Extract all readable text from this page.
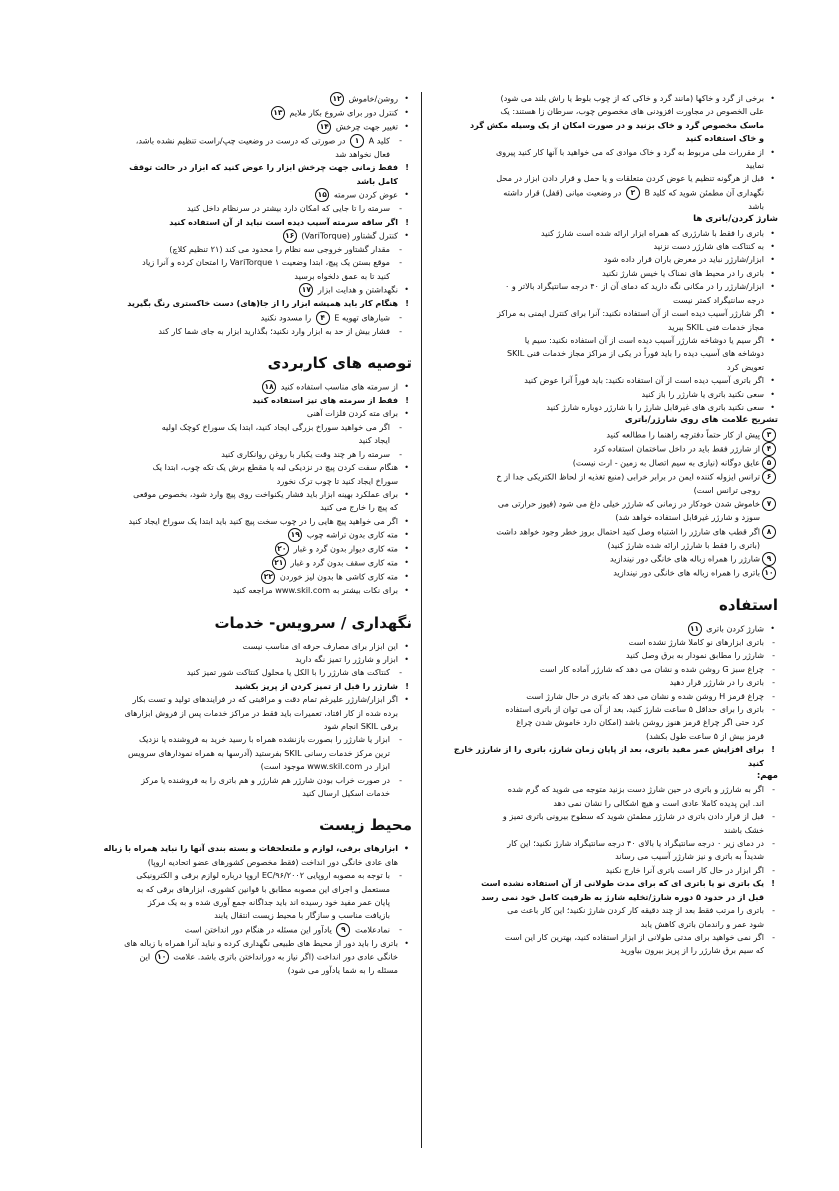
• برخی از گرد و خاکها (مانند گرد و خاکی که از چوب بلوط یا راش بلند می شود)
علی الخصوص در مجاورت افزودنی های مخصوص چوب، سرطان زا هستند: یک
ماسک مخصوص گرد و خاک بزنید و در صورت امکان از یک وسیله مکش گرد
و خاک استفاده کنید
• از مقررات ملی مربوط به گرد و خاک موادی که می خواهید با آنها کار کنید پیروی
نمایید
• قبل از هرگونه تنظیم یا عوض کردن متعلقات و یا حمل و قرار دادن ابزار در محل
نگهداری آن مطمئن شوید که کلید B ۲ در وضعیت میانی (قفل) قرار داشته
باشد
شارژ کردن/باتری ها
• باتری را فقط با شارژری که همراه ابزار ارائه شده است شارژ کنید
• به کنتاکت های شارژر دست نزنید
• ابزار/شارژر نباید در معرض باران قرار داده شود
• باتری را در محیط های نمناک یا خیس شارژ نکنید
• ابزار/شارژر را در مکانی نگه دارید که دمای آن از ۴۰ درجه سانتیگراد بالاتر و ۰
درجه سانتیگراد کمتر نیست
• اگر شارژر آسیب دیده است از آن استفاده نکنید: آنرا برای کنترل ایمنی به مراکز
مجاز خدمات فنی SKIL ببرید
• اگر سیم یا دوشاخه شارژر آسیب دیده است از آن استفاده نکنید: سیم یا
دوشاخه های آسیب دیده را باید فوراً در یکی از مراکز مجاز خدمات فنی SKIL
تعویض کرد
• اگر باتری آسیب دیده است از آن استفاده نکنید: باید فوراً آنرا عوض کنید
• سعی نکنید باتری یا شارژر را باز کنید
• سعی نکنید باتری های غیرقابل شارژ را با شارژر دوباره شارژ کنید
تشریح علامت های روی شارژر/باتری
۳پیش از کار حتماً دفترچه راهنما را مطالعه کنید
۴از شارژر فقط باید در داخل ساختمان استفاده کرد
۵عایق دوگانه (نیازی به سیم اتصال به زمین - ارت نیست)
۶ترانس ایزوله کننده ایمن در برابر خرابی (منبع تغذیه از لحاظ الکتریکی جدا از خ
روجی ترانس است)
۷خاموش شدن خودکار در زمانی که شارژر خیلی داغ می شود (فیوز حرارتی می
سوزد و شارژر غیرقابل استفاده خواهد شد)
۸اگر قطب های شارژر را اشتباه وصل کنید احتمال بروز خطر وجود خواهد داشت
(باتری را فقط با شارژر ارائه شده شارژ کنید)
۹شارژر را همراه زباله های خانگی دور نیندازید
۱۰باتری را همراه زباله های خانگی دور نیندازید
استفاده
• شارژ کردن باتری ۱۱
- باتری ابزارهای نو کاملا شارژ نشده است
- شارژر را مطابق نمودار به برق وصل کنید
- چراغ سبز G روشن شده و نشان می دهد که شارژر آماده کار است
- باتری را در شارژر قرار دهید
- چراغ قرمز H روشن شده و نشان می دهد که باتری در حال شارژ است
- باتری را برای حداقل ۵ ساعت شارژ کنید، بعد از آن می توان از باتری استفاده
کرد حتی اگر چراغ قرمز هنوز روشن باشد (امکان دارد خاموش شدن چراغ
قرمز بیش از ۵ ساعت طول بکشد)
! برای افزایش عمر مفید باتری، بعد از پایان زمان شارژ، باتری را از شارژر خارج
کنید
مهم:
- اگر به شارژر و باتری در حین شارژ دست بزنید متوجه می شوید که گرم شده
اند. این پدیده کاملا عادی است و هیچ اشکالی را نشان نمی دهد
- قبل از قرار دادن باتری در شارژر مطمئن شوید که سطوح بیرونی باتری تمیز و
خشک باشند
- در دمای زیر ۰ درجه سانتیگراد یا بالای ۴۰ درجه سانتیگراد شارژ نکنید؛ این کار
شدیداً به باتری و نیز شارژر آسیب می رساند
- اگر ابزار در حال کار است باتری آنرا خارج نکنید
! یک باتری نو یا باتری ای که برای مدت طولانی از آن استفاده نشده است
قبل از در حدود ۵ دوره شارژ/تخلیه شارژ به ظرفیت کامل خود نمی رسد
- باتری را مرتب فقط بعد از چند دقیقه کار کردن شارژ نکنید؛ این کار باعث می
شود عمر و راندمان باتری کاهش یابد
- اگر نمی خواهید برای مدتی طولانی از ابزار استفاده کنید، بهترین کار این است
که سیم برق شارژر را از پریز بیرون بیاورید
• روشن/خاموش ۱۲
• کنترل دور برای شروع بکار ملایم ۱۳
• تغییر جهت چرخش ۱۴
- کلید A ۱ در صورتی که درست در وضعیت چپ/راست تنظیم نشده باشد،
فعال نخواهد شد
! فقط زمانی جهت چرخش ابزار را عوض کنید که ابزار در حالت توقف
کامل باشد
• عوض کردن سرمته ۱۵
- سرمته را تا جایی که امکان دارد بیشتر در سرنظام داخل کنید
! اگر ساقه سرمته آسیب دیده است نباید از آن استفاده کنید
• کنترل گشتاور (VariTorque) ۱۶
- مقدار گشتاور خروجی سه نظام را محدود می کند (۲۱ تنظیم کلاچ)
- موقع بستن یک پیچ، ابتدا وضعیت ۱ VariTorque را امتحان کرده و آنرا زیاد
کنید تا به عمق دلخواه برسید
• نگهداشتن و هدایت ابزار ۱۷
! هنگام کار باید همیشه ابزار را از جا(های) دست خاکستری رنگ بگیرید
- شیارهای تهویه E ۴ را مسدود نکنید
- فشار بیش از حد به ابزار وارد نکنید؛ بگذارید ابزار به جای شما کار کند
توصیه های کاربردی
• از سرمته های مناسب استفاده کنید ۱۸
! فقط از سرمته های تیز استفاده کنید
• برای مته کردن فلزات آهنی
- اگر می خواهید سوراخ بزرگی ایجاد کنید، ابتدا یک سوراخ کوچک اولیه
ایجاد کنید
- سرمته را هر چند وقت یکبار با روغن روانکاری کنید
• هنگام سفت کردن پیچ در نزدیکی لبه یا مقطع برش یک تکه چوب، ابتدا یک
سوراخ ایجاد کنید تا چوب ترک نخورد
• برای عملکرد بهینه ابزار باید فشار یکنواخت روی پیچ وارد شود، بخصوص موقعی
که پیچ را خارج می کنید
• اگر می خواهید پیچ هایی را در چوب سخت پیچ کنید باید ابتدا یک سوراخ ایجاد کنید
• مته کاری بدون تراشه چوب ۱۹
• مته کاری دیوار بدون گرد و غبار ۲۰
• مته کاری سقف بدون گرد و غبار ۲۱
• مته کاری کاشی ها بدون لیز خوردن ۲۲
• برای نکات بیشتر به www.skil.com مراجعه کنید
نگهداری / سرویس- خدمات
• این ابزار برای مصارف حرفه ای مناسب نیست
• ابزار و شارژر را تمیز نگه دارید
- کنتاکت های شارژر را با الکل یا محلول کنتاکت شور تمیز کنید
! شارژر را قبل از تمیز کردن از پریز بکشید
• اگر ابزار/شارژر علیرغم تمام دقت و مراقبتی که در فرایندهای تولید و تست بکار
برده شده از کار افتاد، تعمیرات باید فقط در مراکز خدمات پس از فروش ابزارهای
برقی SKIL انجام شود
- ابزار یا شارژر را بصورت بازنشده همراه با رسید خرید به فروشنده یا نزدیک
ترین مرکز خدمات رسانی SKIL بفرستید (آدرسها به همراه نمودارهای سرویس
ابزار در www.skil.com موجود است)
- در صورت خراب بودن شارژر هم شارژر و هم باتری را به فروشنده یا مرکز
خدمات اسکیل ارسال کنید
محیط زیست
• ابزارهای برقی، لوازم و ملتعلحقات و بسته بندی آنها را نباید همراه با زباله
های عادی خانگی دور انداخت (فقط مخصوص کشورهای عضو اتحادیه اروپا)
- با توجه به مصوبه اروپایی EC/۹۶/۲۰۰۲ اروپا درباره لوازم برقی و الکترونیکی
مستعمل و اجرای این مصوبه مطابق با قوانین کشوری، ابزارهای برقی که به
پایان عمر مفید خود رسیده اند باید جداگانه جمع آوری شده و به یک مرکز
بازیافت مناسب و سازگار با محیط زیست انتقال یابند
- نمادعلامت ۹ یادآور این مسئله در هنگام دور انداختن است
• باتری را باید دور از محیط های طبیعی نگهداری کرده و نباید آنرا همراه با زباله های
خانگی عادی دور انداخت (اگر نیاز به دورانداختن باتری باشد. علامت ۱۰ این
مسئله را به شما یادآور می شود)
